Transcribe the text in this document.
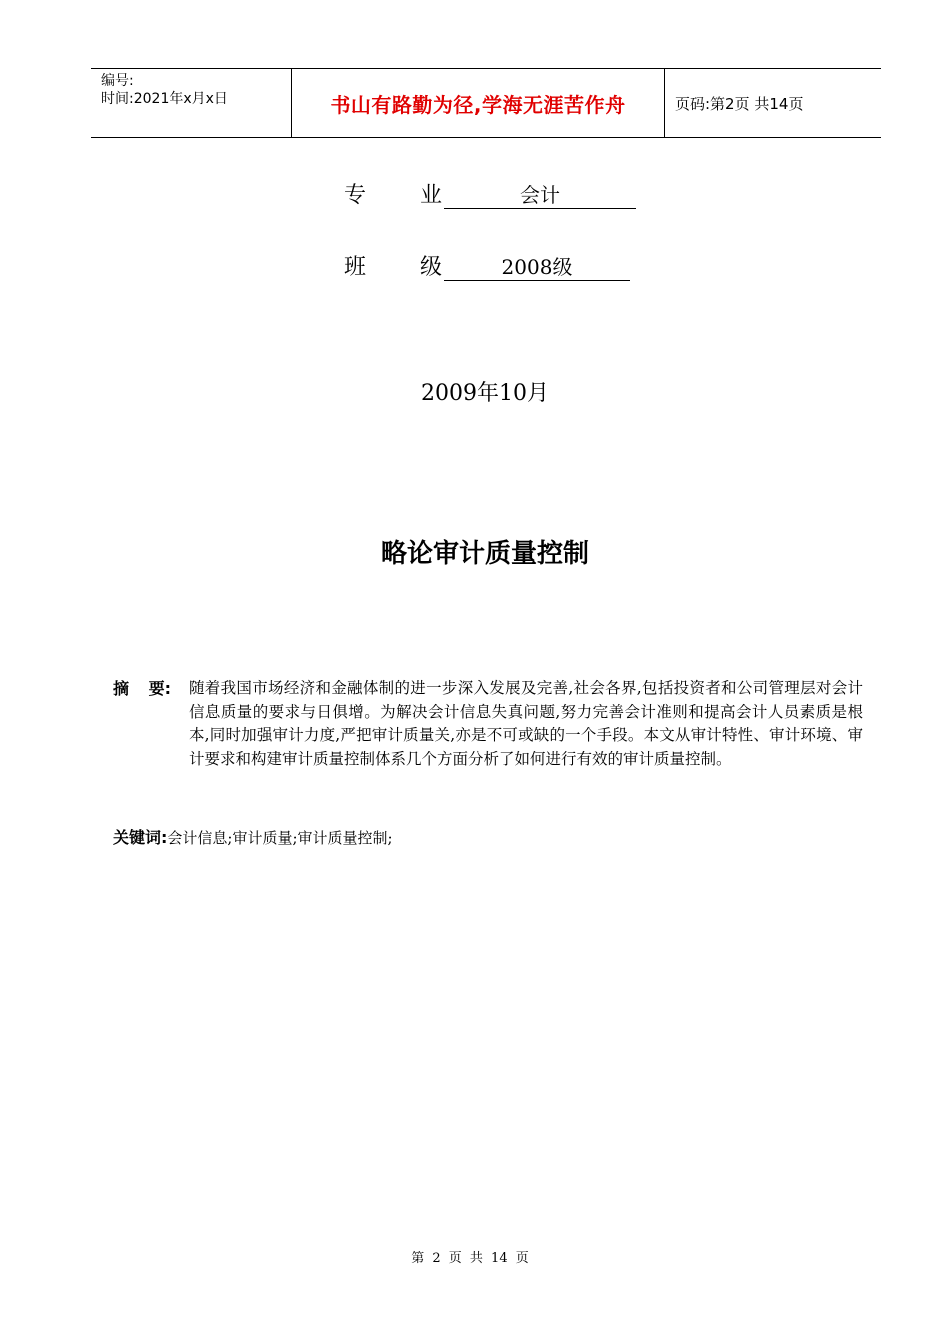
编号:
时间:2021年x月x日	书山有路勤为径,学海无涯苦作舟	页码:第2页 共14页
专	业	会计
班	级	2008级
2009年10月
略论审计质量控制
摘 要: 随着我国市场经济和金融体制的进一步深入发展及完善,社会各界,包括投资者和公司管理层对会计信息质量的要求与日俱增。为解决会计信息失真问题,努力完善会计准则和提高会计人员素质是根本,同时加强审计力度,严把审计质量关,亦是不可或缺的一个手段。本文从审计特性、审计环境、审计要求和构建审计质量控制体系几个方面分析了如何进行有效的审计质量控制。
关键词: 会计信息;审计质量;审计质量控制;
第 2 页 共 14 页
